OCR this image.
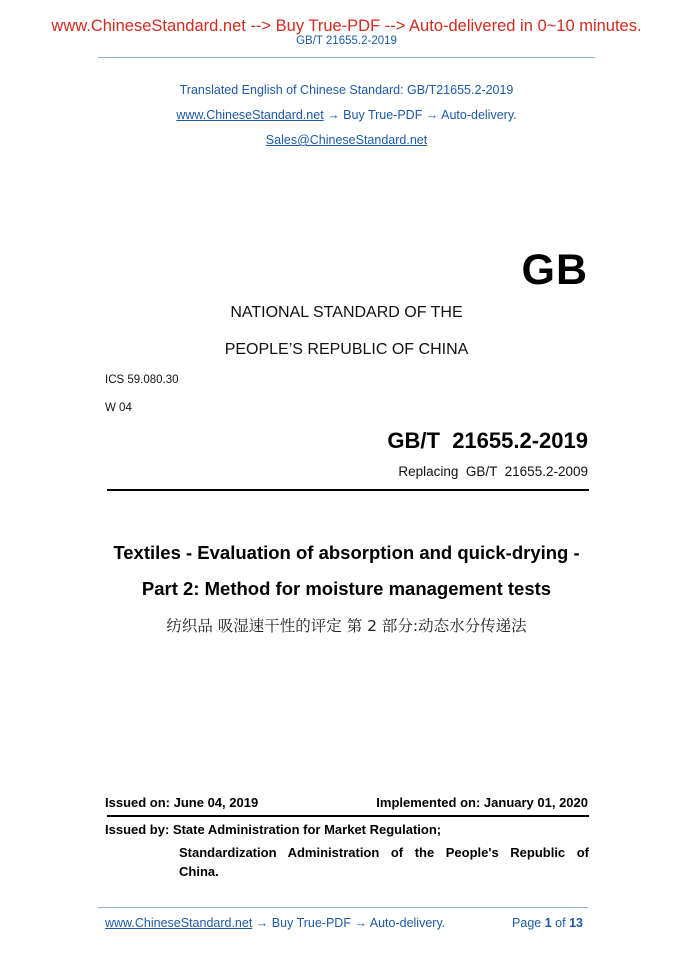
www.ChineseStandard.net --> Buy True-PDF --> Auto-delivered in 0~10 minutes.
GB/T 21655.2-2019
Translated English of Chinese Standard: GB/T21655.2-2019
www.ChineseStandard.net → Buy True-PDF → Auto-delivery.
Sales@ChineseStandard.net
GB
NATIONAL STANDARD OF THE
PEOPLE’S REPUBLIC OF CHINA
ICS 59.080.30
W 04
GB/T  21655.2-2019
Replacing  GB/T  21655.2-2009
Textiles - Evaluation of absorption and quick-drying -
Part 2: Method for moisture management tests
纺织品 吸湿速干性的评定 第 2 部分:动态水分传递法
Issued on: June 04, 2019	Implemented on: January 01, 2020
Issued by: State Administration for Market Regulation;
Standardization Administration of the People's Republic of
China.
www.ChineseStandard.net → Buy True-PDF → Auto-delivery.	Page 1 of 13
